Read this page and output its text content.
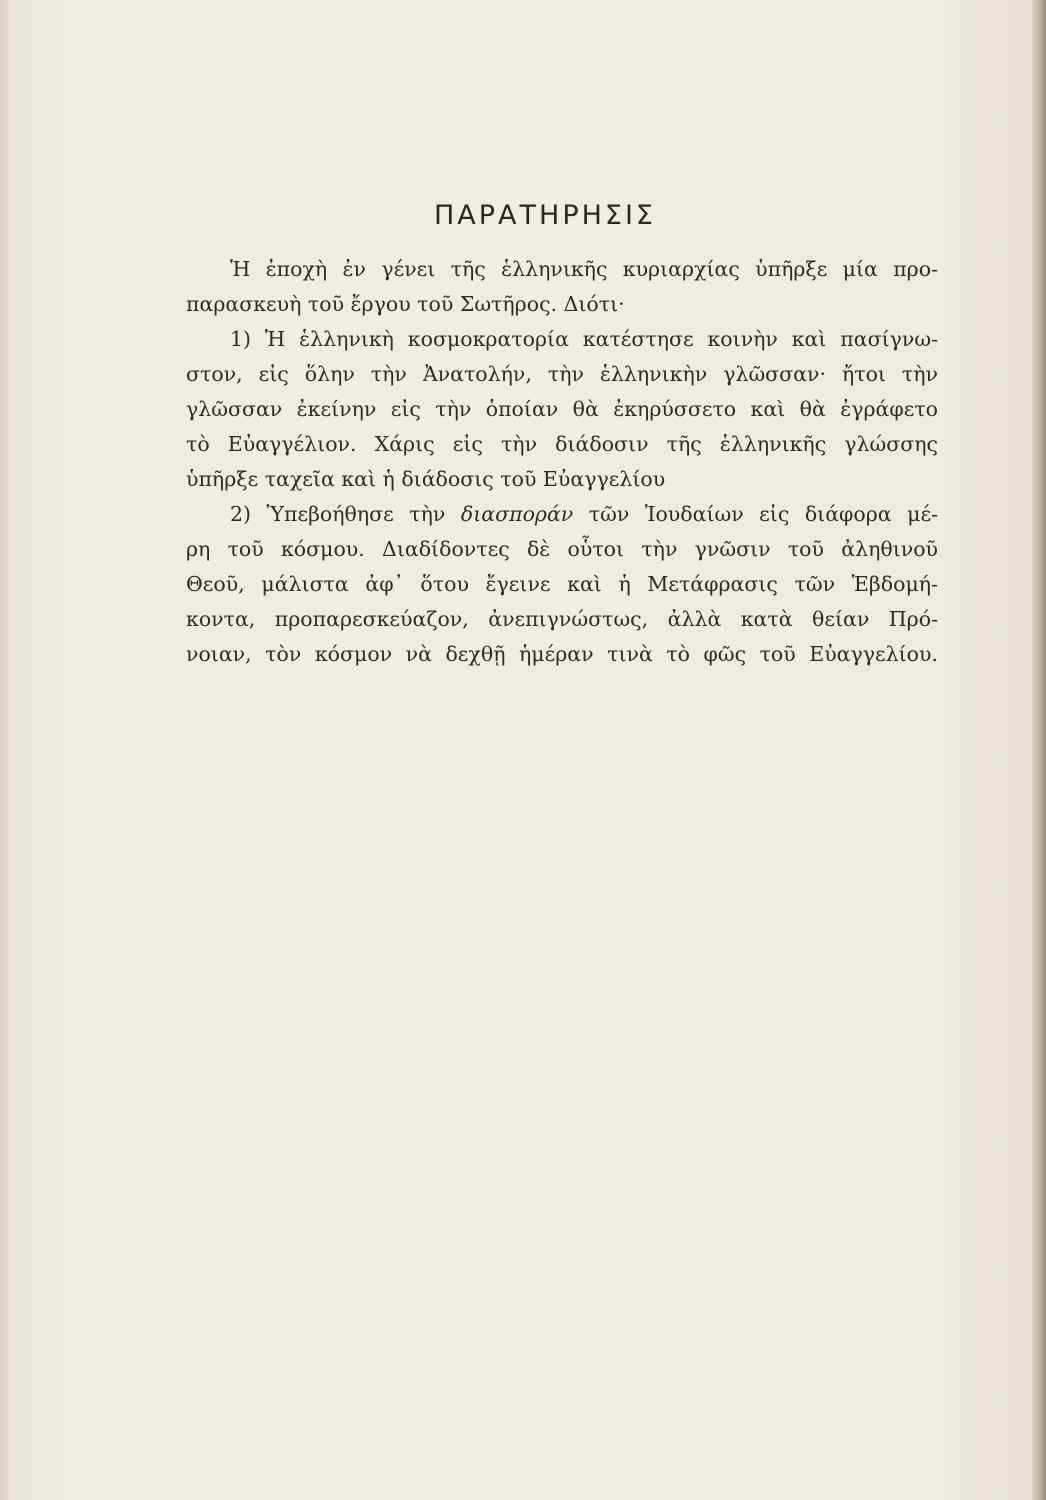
ΠΑΡΑΤΗΡΗΣΙΣ
Ἡ ἐποχὴ ἐν γένει τῆς ἑλληνικῆς κυριαρχίας ὑπῆρξε μία προ-
παρασκευὴ τοῦ ἔργου τοῦ Σωτῆρος. Διότι·
1) Ἡ ἑλληνικὴ κοσμοκρατορία κατέστησε κοινὴν καὶ πασίγνω-
στον, εἰς ὅλην τὴν Ἀνατολήν, τὴν ἑλληνικὴν γλῶσσαν· ἤτοι τὴν
γλῶσσαν ἐκείνην εἰς τὴν ὁποίαν θὰ ἐκηρύσσετο καὶ θὰ ἐγράφετο
τὸ Εὐαγγέλιον. Χάρις εἰς τὴν διάδοσιν τῆς ἑλληνικῆς γλώσσης
ὑπῆρξε ταχεῖα καὶ ἡ διάδοσις τοῦ Εὐαγγελίου
2) Ὑπεβοήθησε τὴν διασποράν τῶν Ἰουδαίων εἰς διάφορα μέ-
ρη τοῦ κόσμου. Διαδίδοντες δὲ οὗτοι τὴν γνῶσιν τοῦ ἀληθινοῦ
Θεοῦ, μάλιστα ἀφ᾿ ὅτου ἔγεινε καὶ ἡ Μετάφρασις τῶν Ἑβδομή-
κοντα, προπαρεσκεύαζον, ἀνεπιγνώστως, ἀλλὰ κατὰ θείαν Πρό-
νοιαν, τὸν κόσμον νὰ δεχθῇ ἡμέραν τινὰ τὸ φῶς τοῦ Εὐαγγελίου.
